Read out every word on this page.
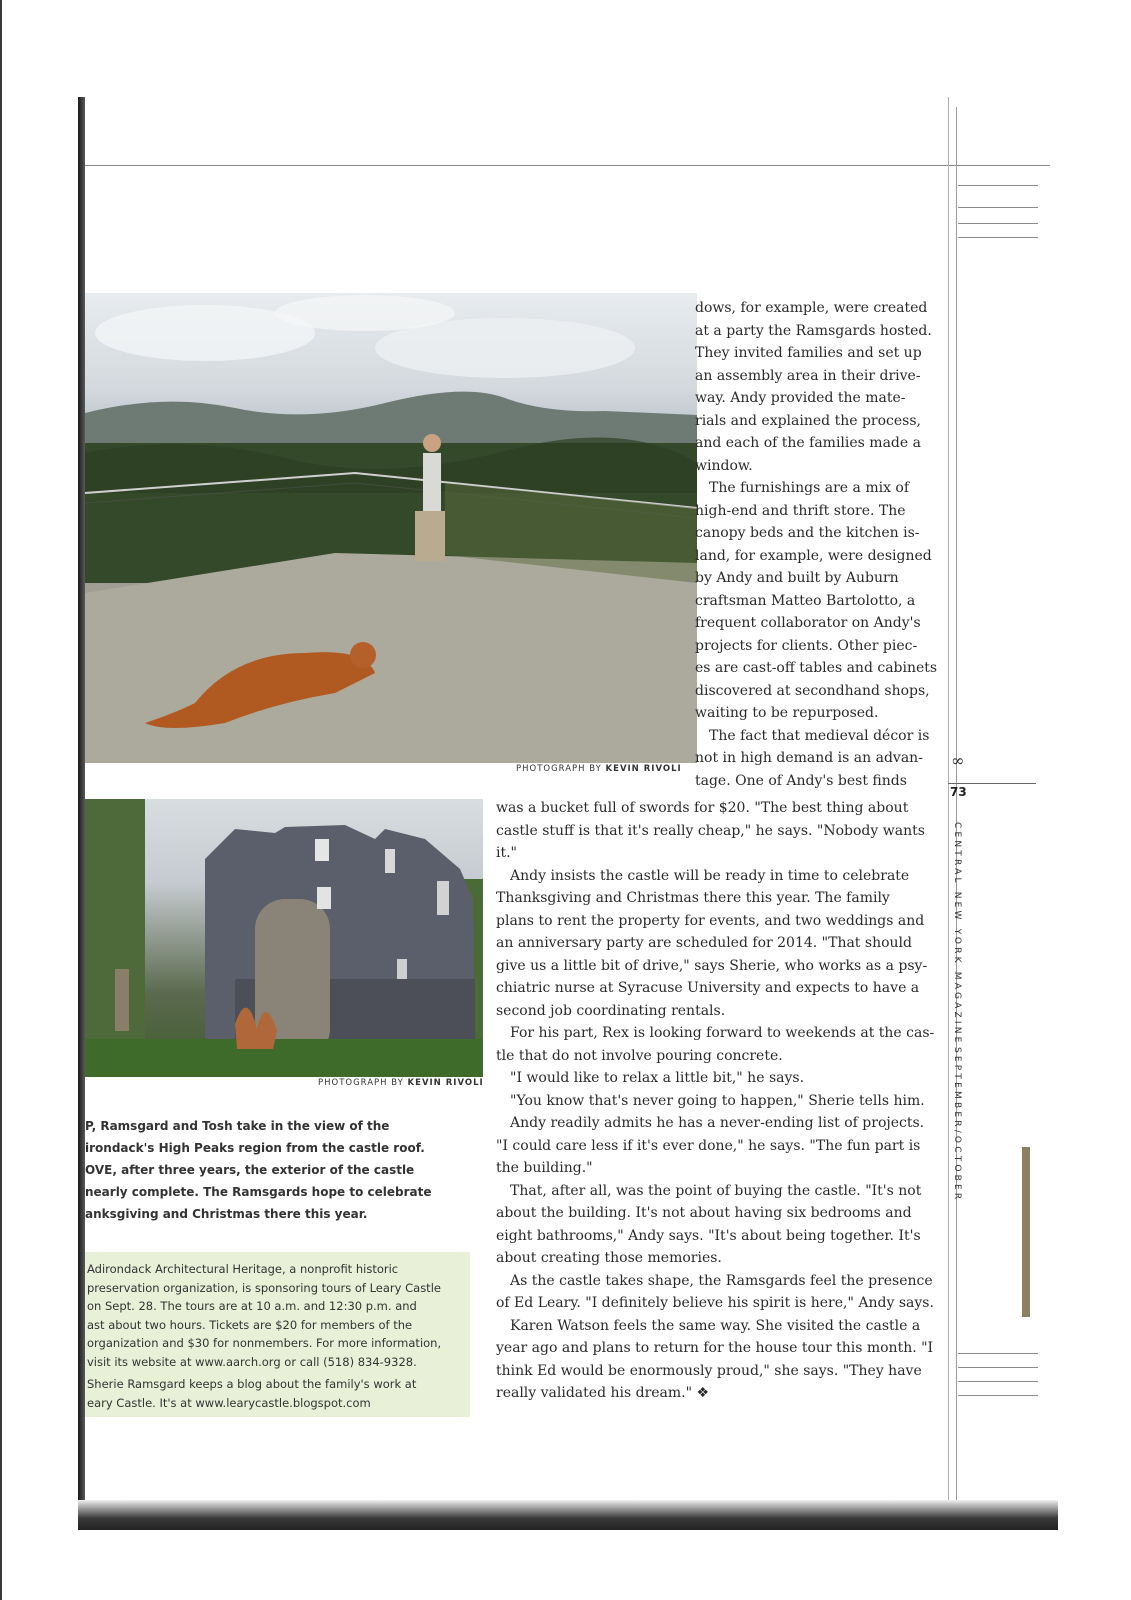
PHOTOGRAPH BY KEVIN RIVOLI
PHOTOGRAPH BY KEVIN RIVOLI
P, Ramsgard and Tosh take in the view of the
irondack's High Peaks region from the castle roof.
OVE, after three years, the exterior of the castle
nearly complete. The Ramsgards hope to celebrate
anksgiving and Christmas there this year.
Adirondack Architectural Heritage, a nonprofit historic
preservation organization, is sponsoring tours of Leary Castle
on Sept. 28. The tours are at 10 a.m. and 12:30 p.m. and
ast about two hours. Tickets are $20 for members of the
organization and $30 for nonmembers. For more information,
visit its website at www.aarch.org or call (518) 834-9328.
Sherie Ramsgard keeps a blog about the family's work at
eary Castle. It's at www.learycastle.blogspot.com
dows, for example, were created
at a party the Ramsgards hosted.
They invited families and set up
an assembly area in their drive-
way. Andy provided the mate-
rials and explained the process,
and each of the families made a
window.
The furnishings are a mix of
high-end and thrift store. The
canopy beds and the kitchen is-
land, for example, were designed
by Andy and built by Auburn
craftsman Matteo Bartolotto, a
frequent collaborator on Andy's
projects for clients. Other piec-
es are cast-off tables and cabinets
discovered at secondhand shops,
waiting to be repurposed.
The fact that medieval décor is
not in high demand is an advan-
tage. One of Andy's best finds
was a bucket full of swords for $20. "The best thing about
castle stuff is that it's really cheap," he says. "Nobody wants
it."
Andy insists the castle will be ready in time to celebrate
Thanksgiving and Christmas there this year. The family
plans to rent the property for events, and two weddings and
an anniversary party are scheduled for 2014. "That should
give us a little bit of drive," says Sherie, who works as a psy-
chiatric nurse at Syracuse University and expects to have a
second job coordinating rentals.
For his part, Rex is looking forward to weekends at the cas-
tle that do not involve pouring concrete.
"I would like to relax a little bit," he says.
"You know that's never going to happen," Sherie tells him.
Andy readily admits he has a never-ending list of projects.
"I could care less if it's ever done," he says. "The fun part is
the building."
That, after all, was the point of buying the castle. "It's not
about the building. It's not about having six bedrooms and
eight bathrooms," Andy says. "It's about being together. It's
about creating those memories.
As the castle takes shape, the Ramsgards feel the presence
of Ed Leary. "I definitely believe his spirit is here," Andy says.
Karen Watson feels the same way. She visited the castle a
year ago and plans to return for the house tour this month. "I
think Ed would be enormously proud," she says. "They have
really validated his dream." ❖
∞
73
CENTRAL NEW YORK MAGAZINE
SEPTEMBER/OCTOBER
